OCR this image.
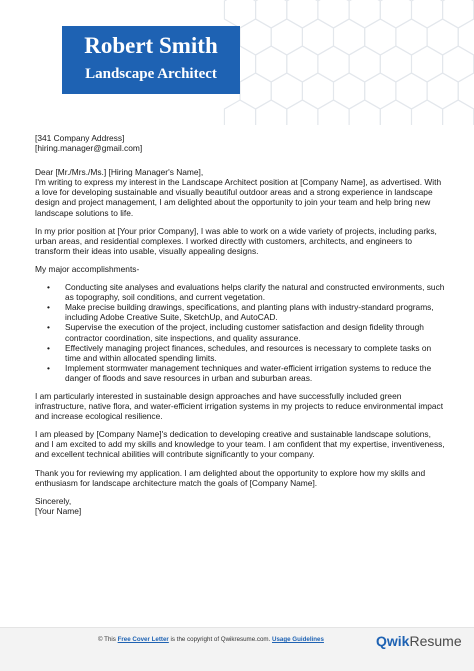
Robert Smith
Landscape Architect

[341 Company Address]

[hiring.manager@gmail.com]

Dear [Mr./Mrs./Ms.] [Hiring Manager's Name],

I'm writing to express my interest in the Landscape Architect position at [Company Name], as advertised. With a love for developing sustainable and visually beautiful outdoor areas and a strong experience in landscape design and project management, I am delighted about the opportunity to join your team and help bring new landscape solutions to life.

In my prior position at [Your prior Company], I was able to work on a wide variety of projects, including parks, urban areas, and residential complexes. I worked directly with customers, architects, and engineers to transform their ideas into usable, visually appealing designs.

My major accomplishments-

• Conducting site analyses and evaluations helps clarify the natural and constructed environments, such as topography, soil conditions, and current vegetation.
• Make precise building drawings, specifications, and planting plans with industry-standard programs, including Adobe Creative Suite, SketchUp, and AutoCAD.
• Supervise the execution of the project, including customer satisfaction and design fidelity through contractor coordination, site inspections, and quality assurance.
• Effectively managing project finances, schedules, and resources is necessary to complete tasks on time and within allocated spending limits.
• Implement stormwater management techniques and water-efficient irrigation systems to reduce the danger of floods and save resources in urban and suburban areas.

I am particularly interested in sustainable design approaches and have successfully included green infrastructure, native flora, and water-efficient irrigation systems in my projects to reduce environmental impact and increase ecological resilience.

I am pleased by [Company Name]'s dedication to developing creative and sustainable landscape solutions, and I am excited to add my skills and knowledge to your team. I am confident that my expertise, inventiveness, and excellent technical abilities will contribute significantly to your company.

Thank you for reviewing my application. I am delighted about the opportunity to explore how my skills and enthusiasm for landscape architecture match the goals of [Company Name].

Sincerely,

[Your Name]

© This Free Cover Letter is the copyright of Qwikresume.com. Usage Guidelines	QwikResume
